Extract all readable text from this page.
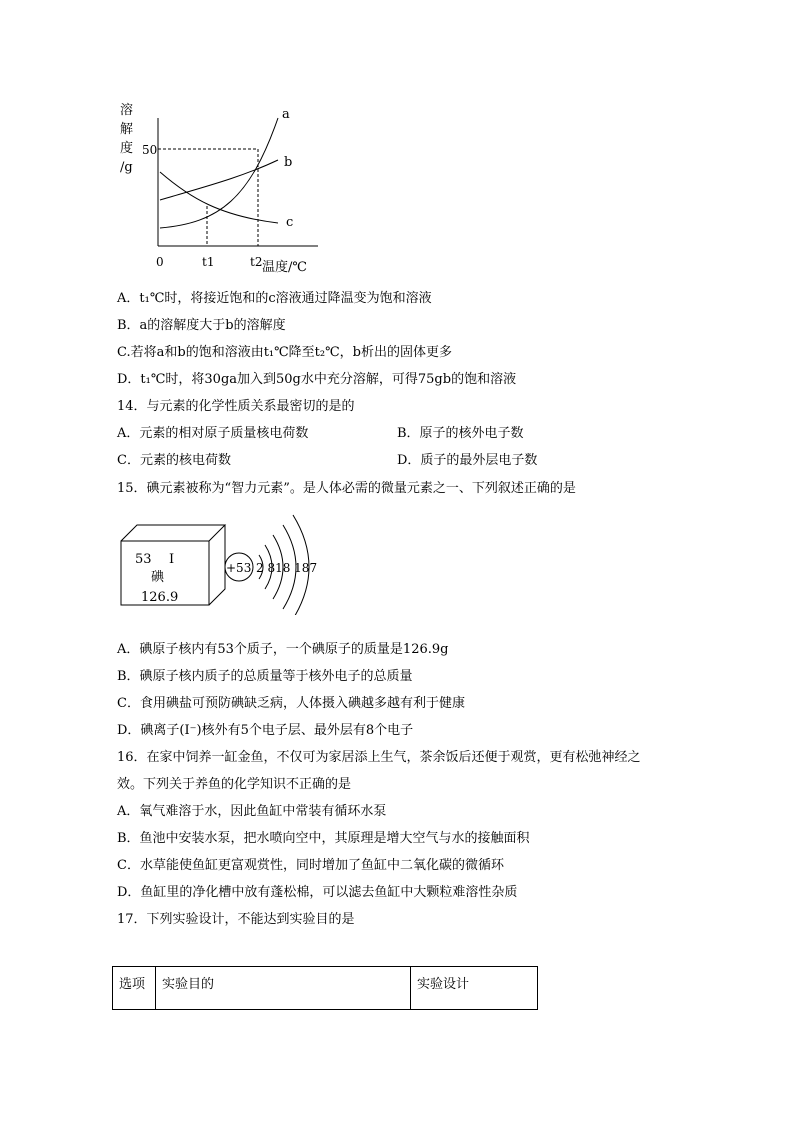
溶
解
度
/g
50
0	t1	t2 温度/℃
a
b
c
A．t₁℃时，将接近饱和的c溶液通过降温变为饱和溶液
B．a的溶解度大于b的溶解度
C.若将a和b的饱和溶液由t₁℃降至t₂℃，b析出的固体更多
D．t₁℃时，将30ga加入到50g水中充分溶解，可得75gb的饱和溶液
14．与元素的化学性质关系最密切的是的
A．元素的相对原子质量核电荷数	B．原子的核外电子数
C．元素的核电荷数	D．质子的最外层电子数
15．碘元素被称为“智力元素”。是人体必需的微量元素之一、下列叙述正确的是
53 I
碘
126.9
+53 2 818 187
A．碘原子核内有53个质子，一个碘原子的质量是126.9g
B．碘原子核内质子的总质量等于核外电子的总质量
C．食用碘盐可预防碘缺乏病，人体摄入碘越多越有利于健康
D．碘离子(I⁻)核外有5个电子层、最外层有8个电子
16．在家中饲养一缸金鱼，不仅可为家居添上生气，茶余饭后还便于观赏，更有松弛神经之
效。下列关于养鱼的化学知识不正确的是
A．氧气难溶于水，因此鱼缸中常装有循环水泵
B．鱼池中安装水泵，把水喷向空中，其原理是增大空气与水的接触面积
C．水草能使鱼缸更富观赏性，同时增加了鱼缸中二氧化碳的微循环
D．鱼缸里的净化槽中放有蓬松棉，可以滤去鱼缸中大颗粒难溶性杂质
17．下列实验设计，不能达到实验目的是
选项	实验目的	实验设计
